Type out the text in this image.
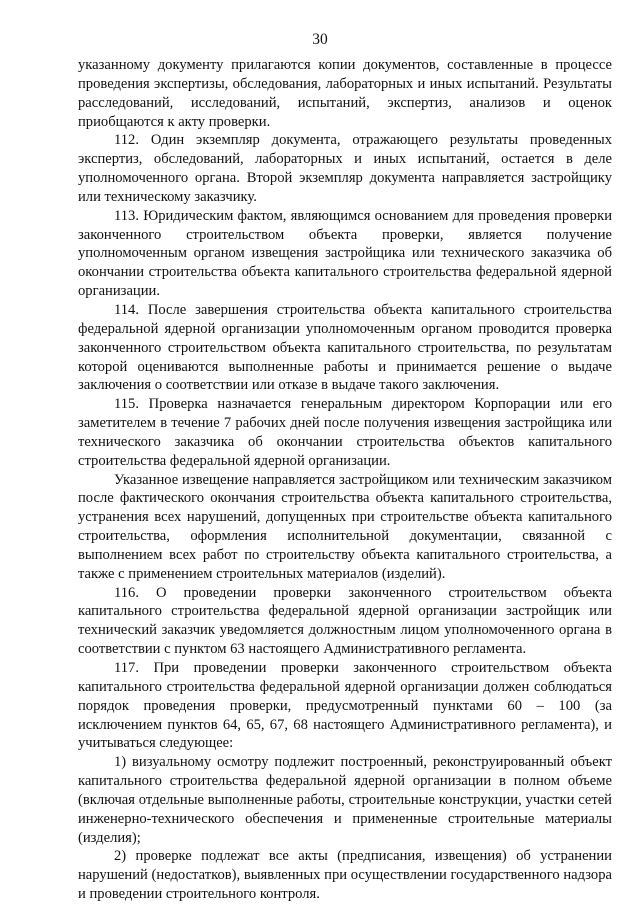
30

указанному документу прилагаются копии документов, составленные в процессе проведения экспертизы, обследования, лабораторных и иных испытаний. Результаты расследований, исследований, испытаний, экспертиз, анализов и оценок приобщаются к акту проверки.

112. Один экземпляр документа, отражающего результаты проведенных экспертиз, обследований, лабораторных и иных испытаний, остается в деле уполномоченного органа. Второй экземпляр документа направляется застройщику или техническому заказчику.

113. Юридическим фактом, являющимся основанием для проведения проверки законченного строительством объекта проверки, является получение уполномоченным органом извещения застройщика или технического заказчика об окончании строительства объекта капитального строительства федеральной ядерной организации.

114. После завершения строительства объекта капитального строительства федеральной ядерной организации уполномоченным органом проводится проверка законченного строительством объекта капитального строительства, по результатам которой оцениваются выполненные работы и принимается решение о выдаче заключения о соответствии или отказе в выдаче такого заключения.

115. Проверка назначается генеральным директором Корпорации или его заметителем в течение 7 рабочих дней после получения извещения застройщика или технического заказчика об окончании строительства объектов капитального строительства федеральной ядерной организации.

Указанное извещение направляется застройщиком или техническим заказчиком после фактического окончания строительства объекта капитального строительства, устранения всех нарушений, допущенных при строительстве объекта капитального строительства, оформления исполнительной документации, связанной с выполнением всех работ по строительству объекта капитального строительства, а также с применением строительных материалов (изделий).

116. О проведении проверки законченного строительством объекта капитального строительства федеральной ядерной организации застройщик или технический заказчик уведомляется должностным лицом уполномоченного органа в соответствии с пунктом 63 настоящего Административного регламента.

117. При проведении проверки законченного строительством объекта капитального строительства федеральной ядерной организации должен соблюдаться порядок проведения проверки, предусмотренный пунктами 60 – 100 (за исключением пунктов 64, 65, 67, 68 настоящего Административного регламента), и учитываться следующее:

1) визуальному осмотру подлежит построенный, реконструированный объект капитального строительства федеральной ядерной организации в полном объеме (включая отдельные выполненные работы, строительные конструкции, участки сетей инженерно-технического обеспечения и примененные строительные материалы (изделия);

2) проверке подлежат все акты (предписания, извещения) об устранении нарушений (недостатков), выявленных при осуществлении государственного надзора и проведении строительного контроля.
